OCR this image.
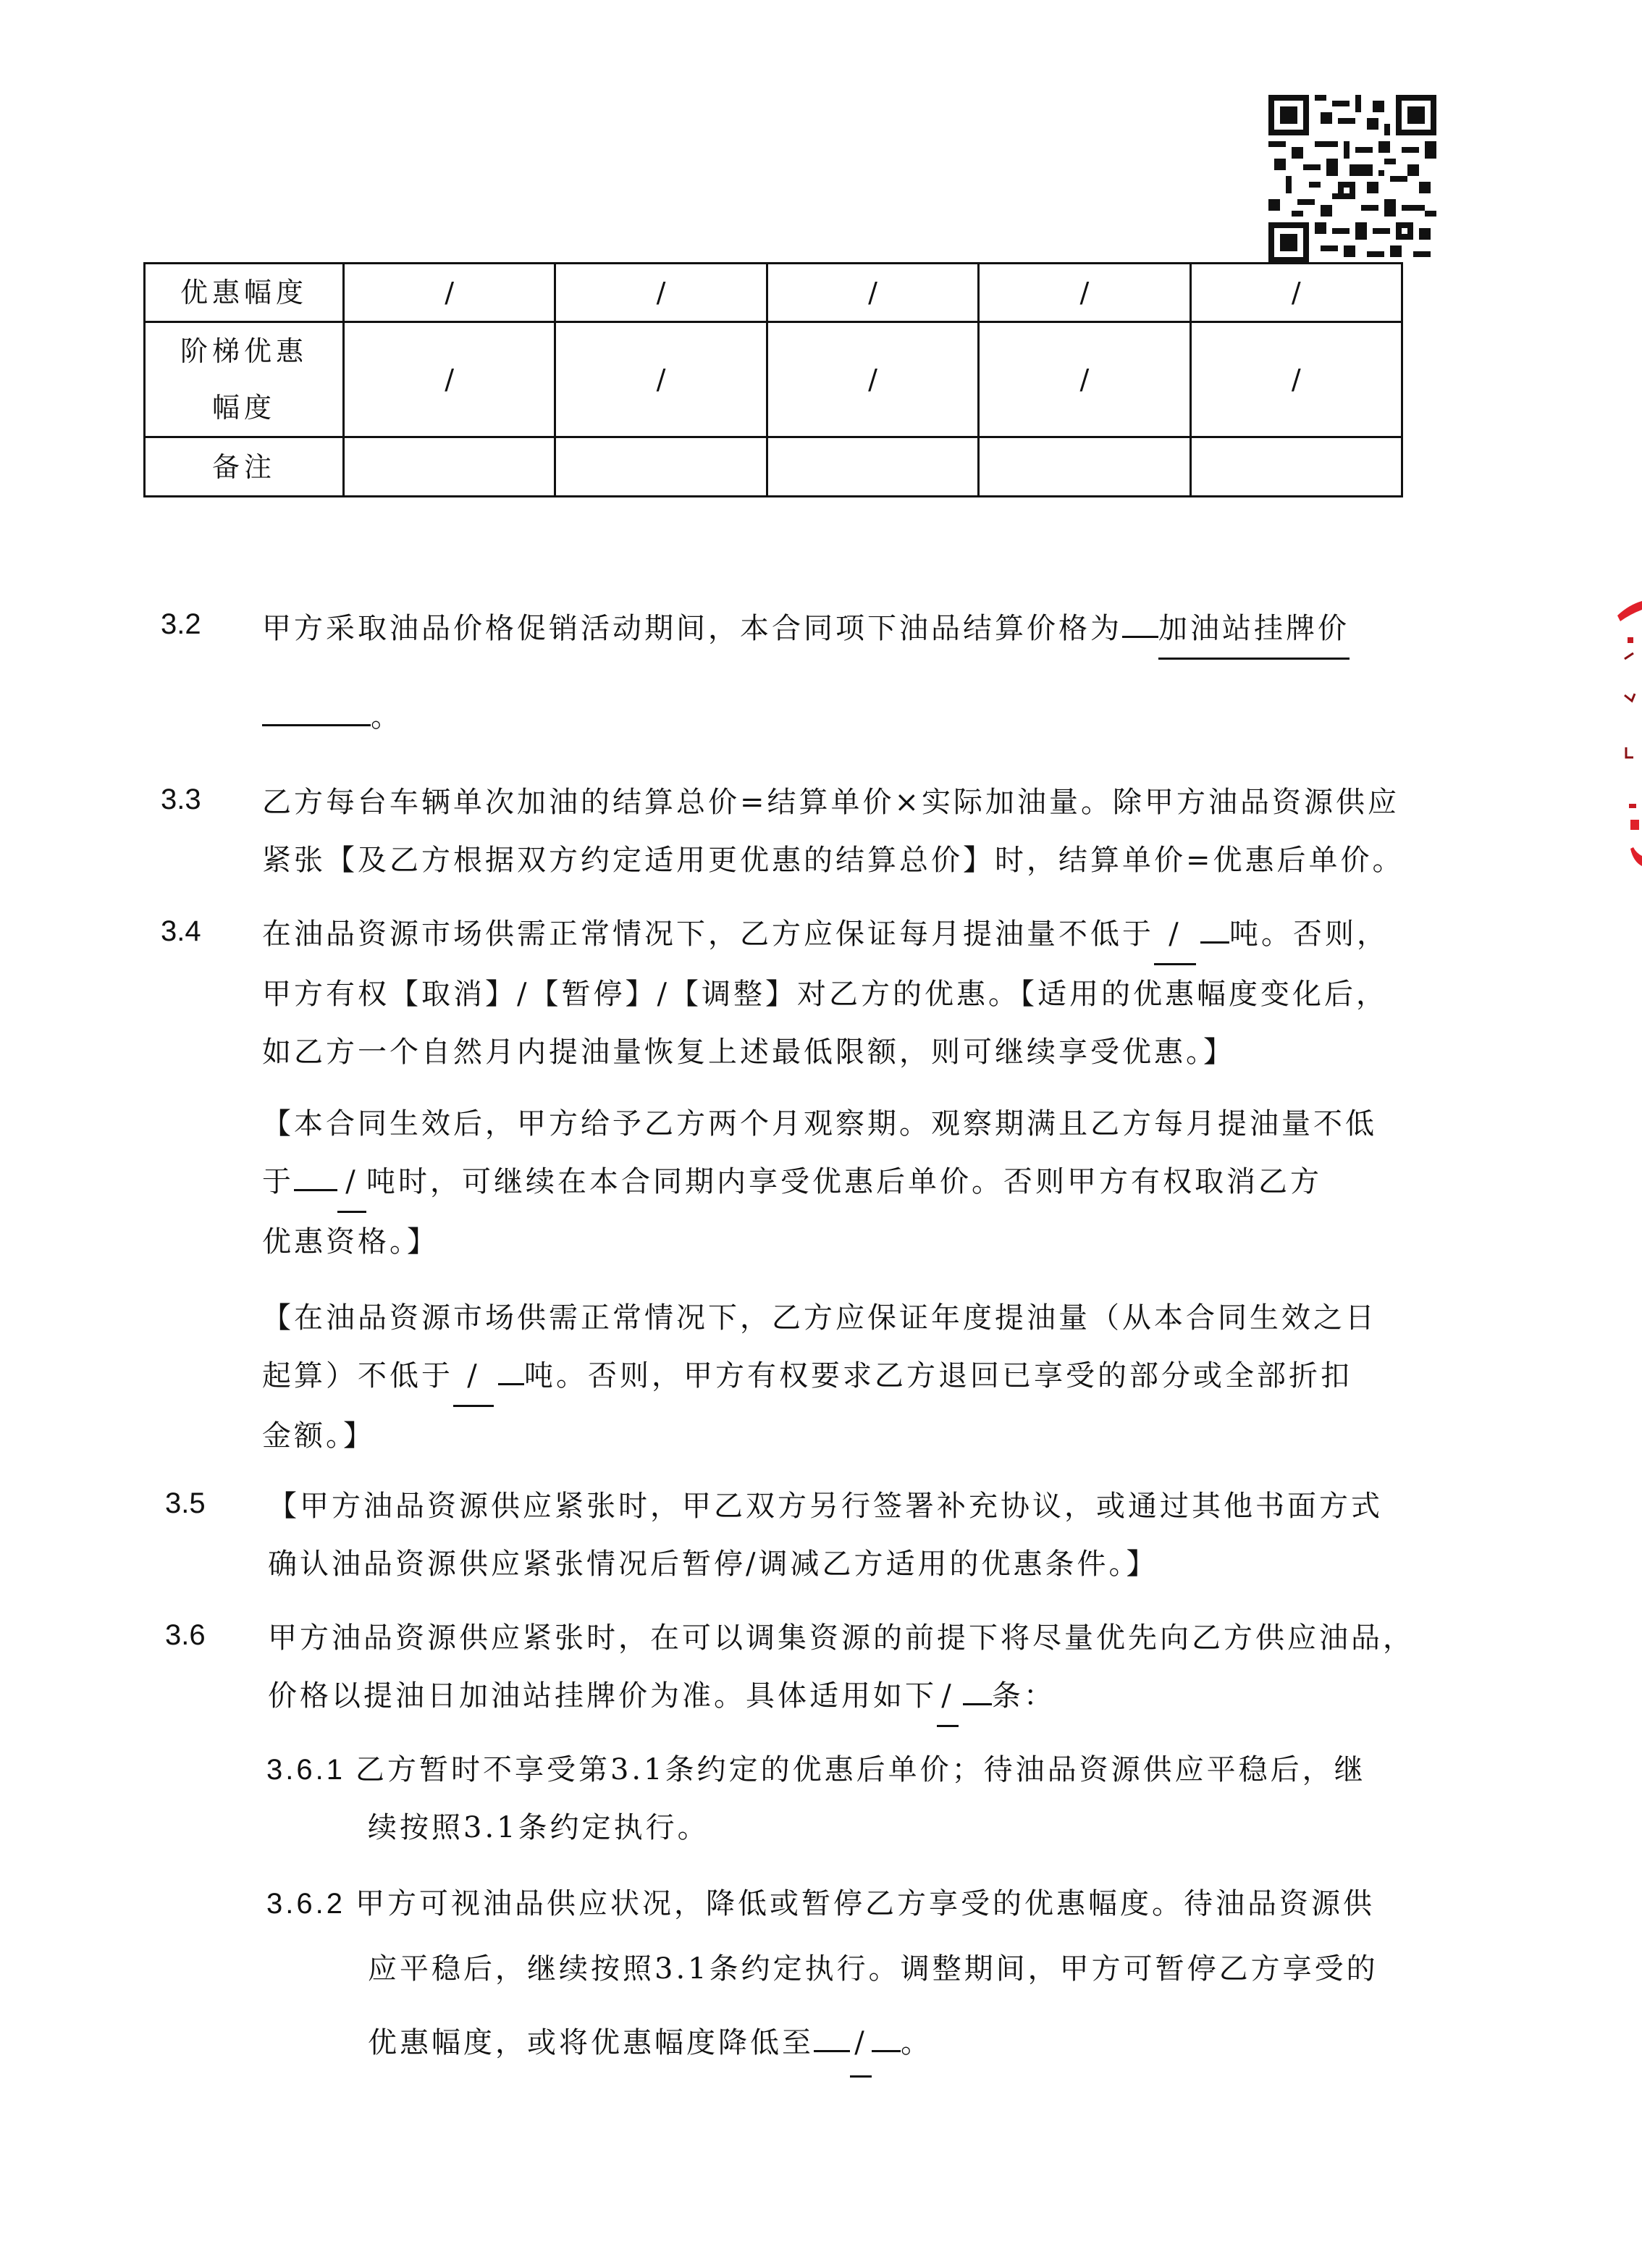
优惠幅度	/	/	/	/	/

阶梯优惠
幅度	/	/	/	/	/
备注					
3.2 甲方采取油品价格促销活动期间，本合同项下油品结算价格为 加油站挂牌价
。
3.3 乙方每台车辆单次加油的结算总价=结算单价×实际加油量。除甲方油品资源供应
紧张【及乙方根据双方约定适用更优惠的结算总价】时，结算单价=优惠后单价。
3.4 在油品资源市场供需正常情况下，乙方应保证每月提油量不低于 / 吨。否则，
甲方有权【取消】/【暂停】/【调整】对乙方的优惠。【适用的优惠幅度变化后，
如乙方一个自然月内提油量恢复上述最低限额，则可继续享受优惠。】
【本合同生效后，甲方给予乙方两个月观察期。观察期满且乙方每月提油量不低
于 / 吨时，可继续在本合同期内享受优惠后单价。否则甲方有权取消乙方
优惠资格。】
【在油品资源市场供需正常情况下，乙方应保证年度提油量（从本合同生效之日
起算）不低于 / 吨。否则，甲方有权要求乙方退回已享受的部分或全部折扣
金额。】
3.5 【甲方油品资源供应紧张时，甲乙双方另行签署补充协议，或通过其他书面方式
确认油品资源供应紧张情况后暂停/调减乙方适用的优惠条件。】
3.6 甲方油品资源供应紧张时，在可以调集资源的前提下将尽量优先向乙方供应油品，
价格以提油日加油站挂牌价为准。具体适用如下 / 条：
3.6.1 乙方暂时不享受第3.1条约定的优惠后单价；待油品资源供应平稳后，继
续按照3.1条约定执行。
3.6.2 甲方可视油品供应状况，降低或暂停乙方享受的优惠幅度。待油品资源供
应平稳后，继续按照3.1条约定执行。调整期间，甲方可暂停乙方享受的
优惠幅度，或将优惠幅度降低至 / 。
